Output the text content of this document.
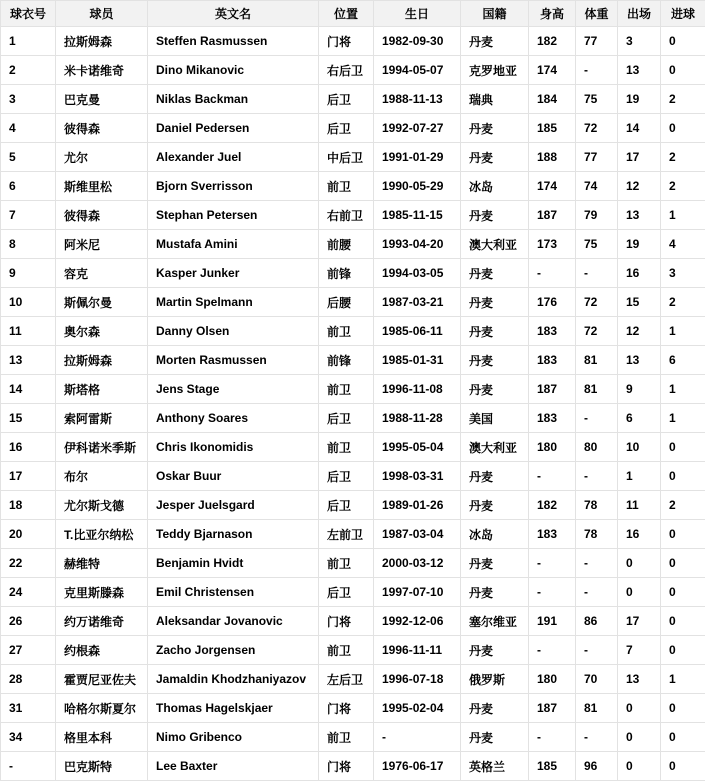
球衣号	球员	英文名	位置	生日	国籍	身高	体重	出场	进球
1	拉斯姆森	Steffen Rasmussen	门将	1982-09-30	丹麦	182	77	3	0
2	米卡诺维奇	Dino Mikanovic	右后卫	1994-05-07	克罗地亚	174	-	13	0
3	巴克曼	Niklas Backman	后卫	1988-11-13	瑞典	184	75	19	2
4	彼得森	Daniel Pedersen	后卫	1992-07-27	丹麦	185	72	14	0
5	尤尔	Alexander Juel	中后卫	1991-01-29	丹麦	188	77	17	2
6	斯维里松	Bjorn Sverrisson	前卫	1990-05-29	冰岛	174	74	12	2
7	彼得森	Stephan Petersen	右前卫	1985-11-15	丹麦	187	79	13	1
8	阿米尼	Mustafa Amini	前腰	1993-04-20	澳大利亚	173	75	19	4
9	容克	Kasper Junker	前锋	1994-03-05	丹麦	-	-	16	3
10	斯佩尔曼	Martin Spelmann	后腰	1987-03-21	丹麦	176	72	15	2
11	奥尔森	Danny Olsen	前卫	1985-06-11	丹麦	183	72	12	1
13	拉斯姆森	Morten Rasmussen	前锋	1985-01-31	丹麦	183	81	13	6
14	斯塔格	Jens Stage	前卫	1996-11-08	丹麦	187	81	9	1
15	索阿雷斯	Anthony Soares	后卫	1988-11-28	美国	183	-	6	1
16	伊科诺米季斯	Chris Ikonomidis	前卫	1995-05-04	澳大利亚	180	80	10	0
17	布尔	Oskar Buur	后卫	1998-03-31	丹麦	-	-	1	0
18	尤尔斯戈德	Jesper Juelsgard	后卫	1989-01-26	丹麦	182	78	11	2
20	T.比亚尔纳松	Teddy Bjarnason	左前卫	1987-03-04	冰岛	183	78	16	0
22	赫维特	Benjamin Hvidt	前卫	2000-03-12	丹麦	-	-	0	0
24	克里斯滕森	Emil Christensen	后卫	1997-07-10	丹麦	-	-	0	0
26	约万诺维奇	Aleksandar Jovanovic	门将	1992-12-06	塞尔维亚	191	86	17	0
27	约根森	Zacho Jorgensen	前卫	1996-11-11	丹麦	-	-	7	0
28	霍贾尼亚佐夫	Jamaldin Khodzhaniyazov	左后卫	1996-07-18	俄罗斯	180	70	13	1
31	哈格尔斯夏尔	Thomas Hagelskjaer	门将	1995-02-04	丹麦	187	81	0	0
34	格里本科	Nimo Gribenco	前卫	-	丹麦	-	-	0	0
-	巴克斯特	Lee Baxter	门将	1976-06-17	英格兰	185	96	0	0
